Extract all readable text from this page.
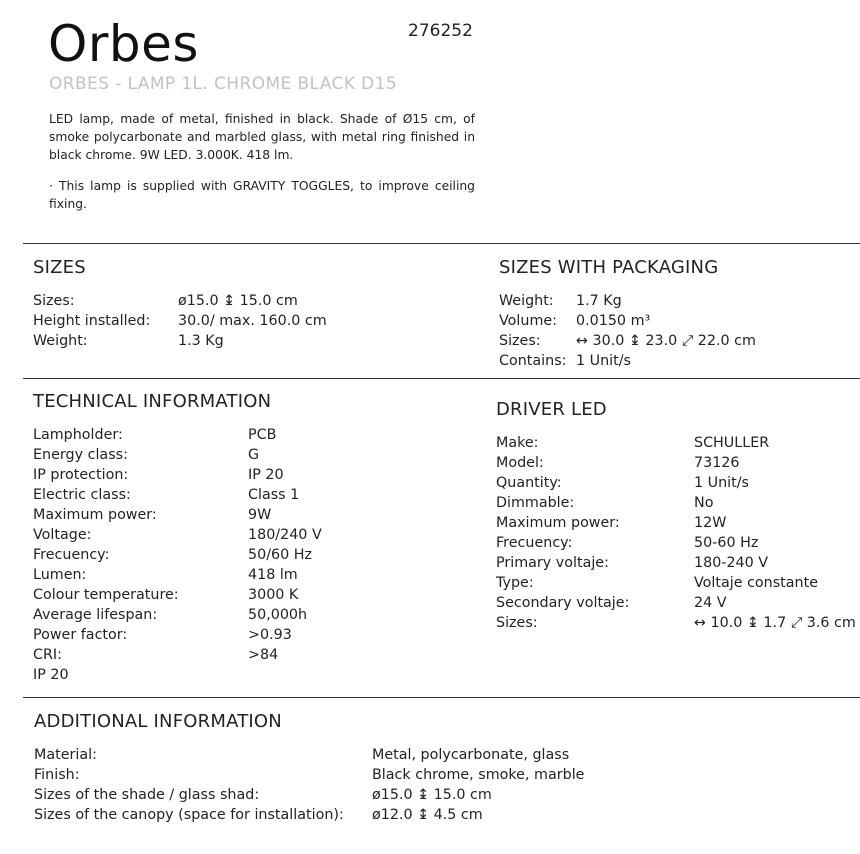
Orbes	276252
ORBES - LAMP 1L. CHROME BLACK D15
LED lamp, made of metal, finished in black. Shade of Ø15 cm, of smoke polycarbonate and marbled glass, with metal ring finished in black chrome. 9W LED. 3.000K. 418 lm.
· This lamp is supplied with GRAVITY TOGGLES, to improve ceiling fixing.
SIZES
Sizes:	ø15.0 ↨ 15.0 cm
Height installed: 30.0/ max. 160.0 cm
Weight:	1.3 Kg
SIZES WITH PACKAGING
Weight: 1.7 Kg
Volume: 0.0150 m³
Sizes: ↔ 30.0 ↨ 23.0 ⤢ 22.0 cm
Contains: 1 Unit/s
TECHNICAL INFORMATION
Lampholder:	PCB
Energy class:	G
IP protection:	IP 20
Electric class:	Class 1
Maximum power:	9W
Voltage:	180/240 V
Frecuency:	50/60 Hz
Lumen:	418 lm
Colour temperature:	3000 K
Average lifespan:	50,000h
Power factor:	>0.93
CRI:	>84
IP 20
DRIVER LED
Make:	SCHULLER
Model:	73126
Quantity:	1 Unit/s
Dimmable:	No
Maximum power:	12W
Frecuency:	50-60 Hz
Primary voltaje:	180-240 V
Type:	Voltaje constante
Secondary voltaje:	24 V
Sizes:	↔ 10.0 ↨ 1.7 ⤢ 3.6 cm
ADDITIONAL INFORMATION
Material:	Metal, polycarbonate, glass
Finish:	Black chrome, smoke, marble
Sizes of the shade / glass shad:	ø15.0 ↨ 15.0 cm
Sizes of the canopy (space for installation): ø12.0 ↨ 4.5 cm
